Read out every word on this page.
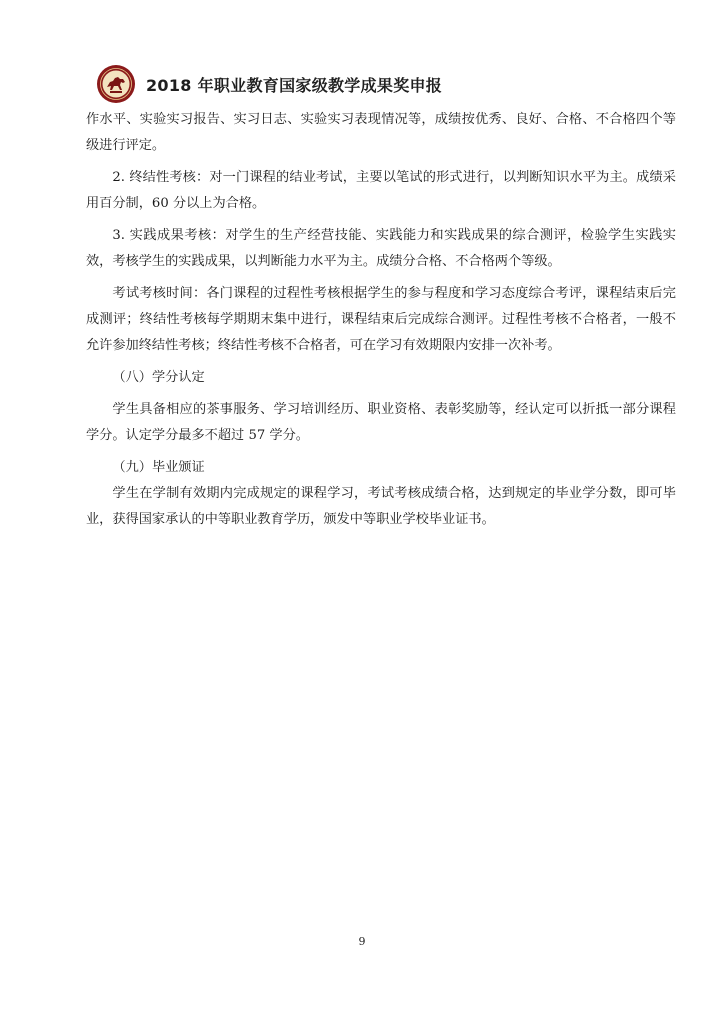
2018 年职业教育国家级教学成果奖申报

作水平、实验实习报告、实习日志、实验实习表现情况等，成绩按优秀、良好、合格、不合格四个等级进行评定。

2. 终结性考核：对一门课程的结业考试，主要以笔试的形式进行，以判断知识水平为主。成绩采用百分制，60 分以上为合格。

3. 实践成果考核：对学生的生产经营技能、实践能力和实践成果的综合测评，检验学生实践实效，考核学生的实践成果，以判断能力水平为主。成绩分合格、不合格两个等级。

考试考核时间：各门课程的过程性考核根据学生的参与程度和学习态度综合考评，课程结束后完成测评；终结性考核每学期期末集中进行，课程结束后完成综合测评。过程性考核不合格者，一般不允许参加终结性考核；终结性考核不合格者，可在学习有效期限内安排一次补考。

（八）学分认定

学生具备相应的茶事服务、学习培训经历、职业资格、表彰奖励等，经认定可以折抵一部分课程学分。认定学分最多不超过 57 学分。

（九）毕业颁证

学生在学制有效期内完成规定的课程学习，考试考核成绩合格，达到规定的毕业学分数，即可毕业，获得国家承认的中等职业教育学历，颁发中等职业学校毕业证书。

9
